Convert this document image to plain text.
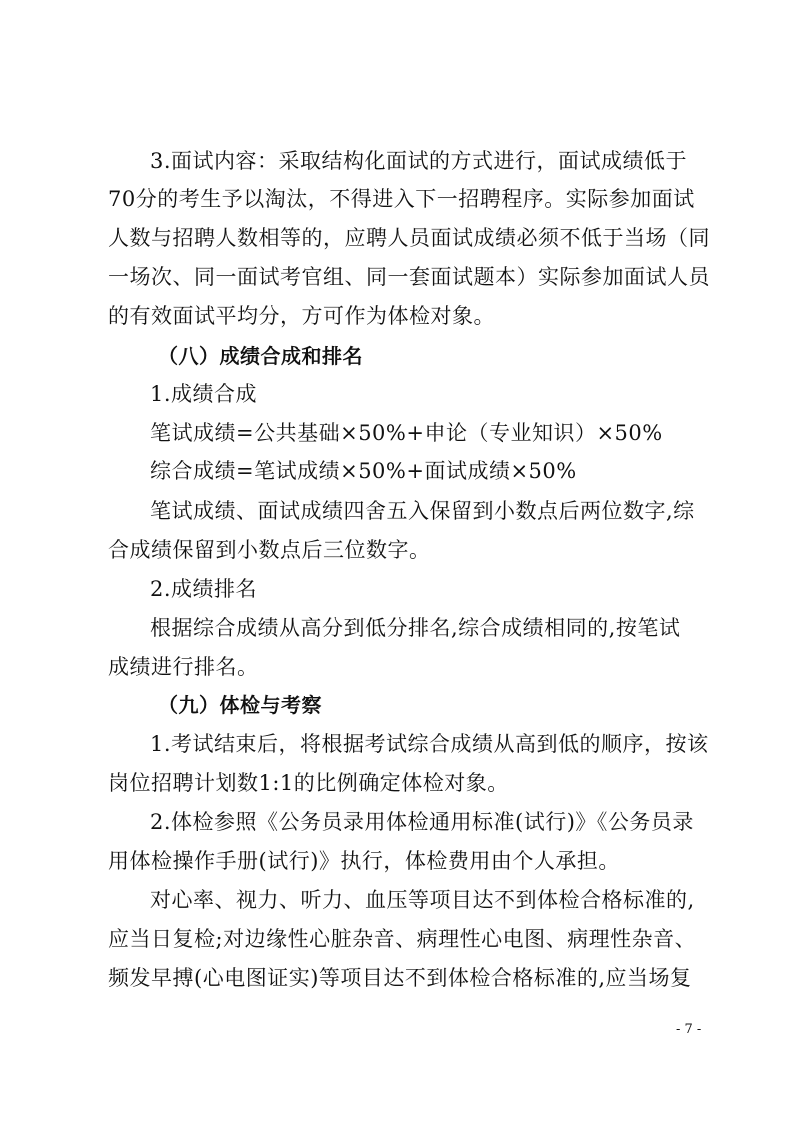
3.面试内容：采取结构化面试的方式进行，面试成绩低于
70分的考生予以淘汰，不得进入下一招聘程序。实际参加面试
人数与招聘人数相等的，应聘人员面试成绩必须不低于当场（同
一场次、同一面试考官组、同一套面试题本）实际参加面试人员
的有效面试平均分，方可作为体检对象。
（八）成绩合成和排名
1.成绩合成
笔试成绩=公共基础×50%+申论（专业知识）×50%
综合成绩=笔试成绩×50%+面试成绩×50%
笔试成绩、面试成绩四舍五入保留到小数点后两位数字,综
合成绩保留到小数点后三位数字。
2.成绩排名
根据综合成绩从高分到低分排名,综合成绩相同的,按笔试
成绩进行排名。
（九）体检与考察
1.考试结束后，将根据考试综合成绩从高到低的顺序，按该
岗位招聘计划数1:1的比例确定体检对象。
2.体检参照《公务员录用体检通用标准(试行)》《公务员录
用体检操作手册(试行)》执行，体检费用由个人承担。
对心率、视力、听力、血压等项目达不到体检合格标准的,
应当日复检;对边缘性心脏杂音、病理性心电图、病理性杂音、
频发早搏(心电图证实)等项目达不到体检合格标准的,应当场复
- 7 -
